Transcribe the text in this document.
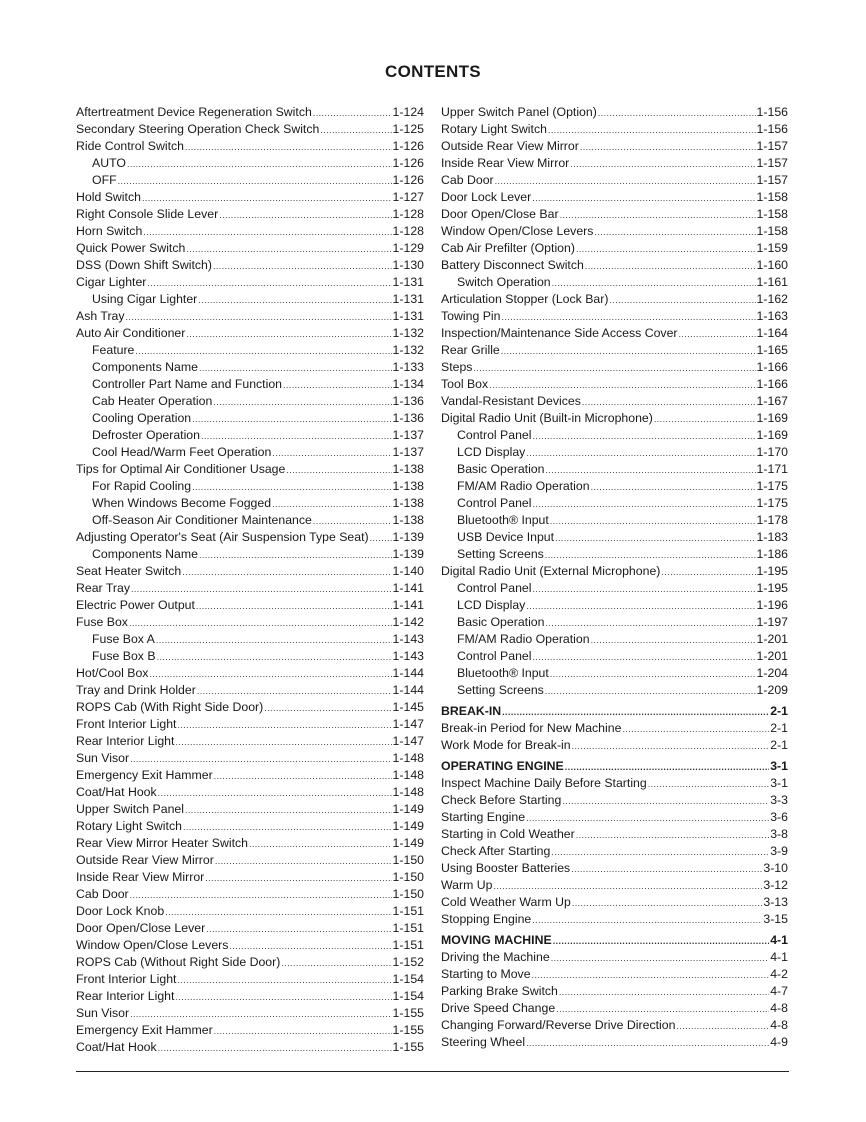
CONTENTS
Aftertreatment Device Regeneration Switch .....	1-124
Secondary Steering Operation Check Switch .....	1-125
Ride Control Switch .....	1-126
AUTO .....	1-126
OFF .....	1-126
Hold Switch .....	1-127
Right Console Slide Lever .....	1-128
Horn Switch .....	1-128
Quick Power Switch .....	1-129
DSS (Down Shift Switch) .....	1-130
Cigar Lighter .....	1-131
Using Cigar Lighter .....	1-131
Ash Tray .....	1-131
Auto Air Conditioner .....	1-132
Feature .....	1-132
Components Name .....	1-133
Controller Part Name and Function .....	1-134
Cab Heater Operation .....	1-136
Cooling Operation .....	1-136
Defroster Operation .....	1-137
Cool Head/Warm Feet Operation .....	1-137
Tips for Optimal Air Conditioner Usage .....	1-138
For Rapid Cooling .....	1-138
When Windows Become Fogged .....	1-138
Off-Season Air Conditioner Maintenance .....	1-138
Adjusting Operator's Seat (Air Suspension Type Seat) ..... 1-139
Components Name .....	1-139
Seat Heater Switch .....	1-140
Rear Tray .....	1-141
Electric Power Output .....	1-141
Fuse Box .....	1-142
Fuse Box A .....	1-143
Fuse Box B .....	1-143
Hot/Cool Box .....	1-144
Tray and Drink Holder .....	1-144
ROPS Cab (With Right Side Door) .....	1-145
Front Interior Light .....	1-147
Rear Interior Light .....	1-147
Sun Visor .....	1-148
Emergency Exit Hammer .....	1-148
Coat/Hat Hook .....	1-148
Upper Switch Panel .....	1-149
Rotary Light Switch .....	1-149
Rear View Mirror Heater Switch .....	1-149
Outside Rear View Mirror .....	1-150
Inside Rear View Mirror .....	1-150
Cab Door .....	1-150
Door Lock Knob .....	1-151
Door Open/Close Lever .....	1-151
Window Open/Close Levers .....	1-151
ROPS Cab (Without Right Side Door) .....	1-152
Front Interior Light .....	1-154
Rear Interior Light .....	1-154
Sun Visor .....	1-155
Emergency Exit Hammer .....	1-155
Coat/Hat Hook .....	1-155
Upper Switch Panel (Option) .....	1-156
Rotary Light Switch .....	1-156
Outside Rear View Mirror .....	1-157
Inside Rear View Mirror .....	1-157
Cab Door .....	1-157
Door Lock Lever .....	1-158
Door Open/Close Bar .....	1-158
Window Open/Close Levers .....	1-158
Cab Air Prefilter (Option) .....	1-159
Battery Disconnect Switch .....	1-160
Switch Operation .....	1-161
Articulation Stopper (Lock Bar) .....	1-162
Towing Pin .....	1-163
Inspection/Maintenance Side Access Cover .....	1-164
Rear Grille .....	1-165
Steps .....	1-166
Tool Box .....	1-166
Vandal-Resistant Devices .....	1-167
Digital Radio Unit (Built-in Microphone) .....	1-169
Control Panel .....	1-169
LCD Display .....	1-170
Basic Operation .....	1-171
FM/AM Radio Operation .....	1-175
Control Panel .....	1-175
Bluetooth® Input .....	1-178
USB Device Input .....	1-183
Setting Screens .....	1-186
Digital Radio Unit (External Microphone) .....	1-195
Control Panel .....	1-195
LCD Display .....	1-196
Basic Operation .....	1-197
FM/AM Radio Operation .....	1-201
Control Panel .....	1-201
Bluetooth® Input .....	1-204
Setting Screens .....	1-209
BREAK-IN .....	2-1
Break-in Period for New Machine .....	2-1
Work Mode for Break-in .....	2-1
OPERATING ENGINE .....	3-1
Inspect Machine Daily Before Starting .....	3-1
Check Before Starting .....	3-3
Starting Engine .....	3-6
Starting in Cold Weather .....	3-8
Check After Starting .....	3-9
Using Booster Batteries .....	3-10
Warm Up .....	3-12
Cold Weather Warm Up .....	3-13
Stopping Engine .....	3-15
MOVING MACHINE .....	4-1
Driving the Machine .....	4-1
Starting to Move .....	4-2
Parking Brake Switch .....	4-7
Drive Speed Change .....	4-8
Changing Forward/Reverse Drive Direction .....	4-8
Steering Wheel .....	4-9
